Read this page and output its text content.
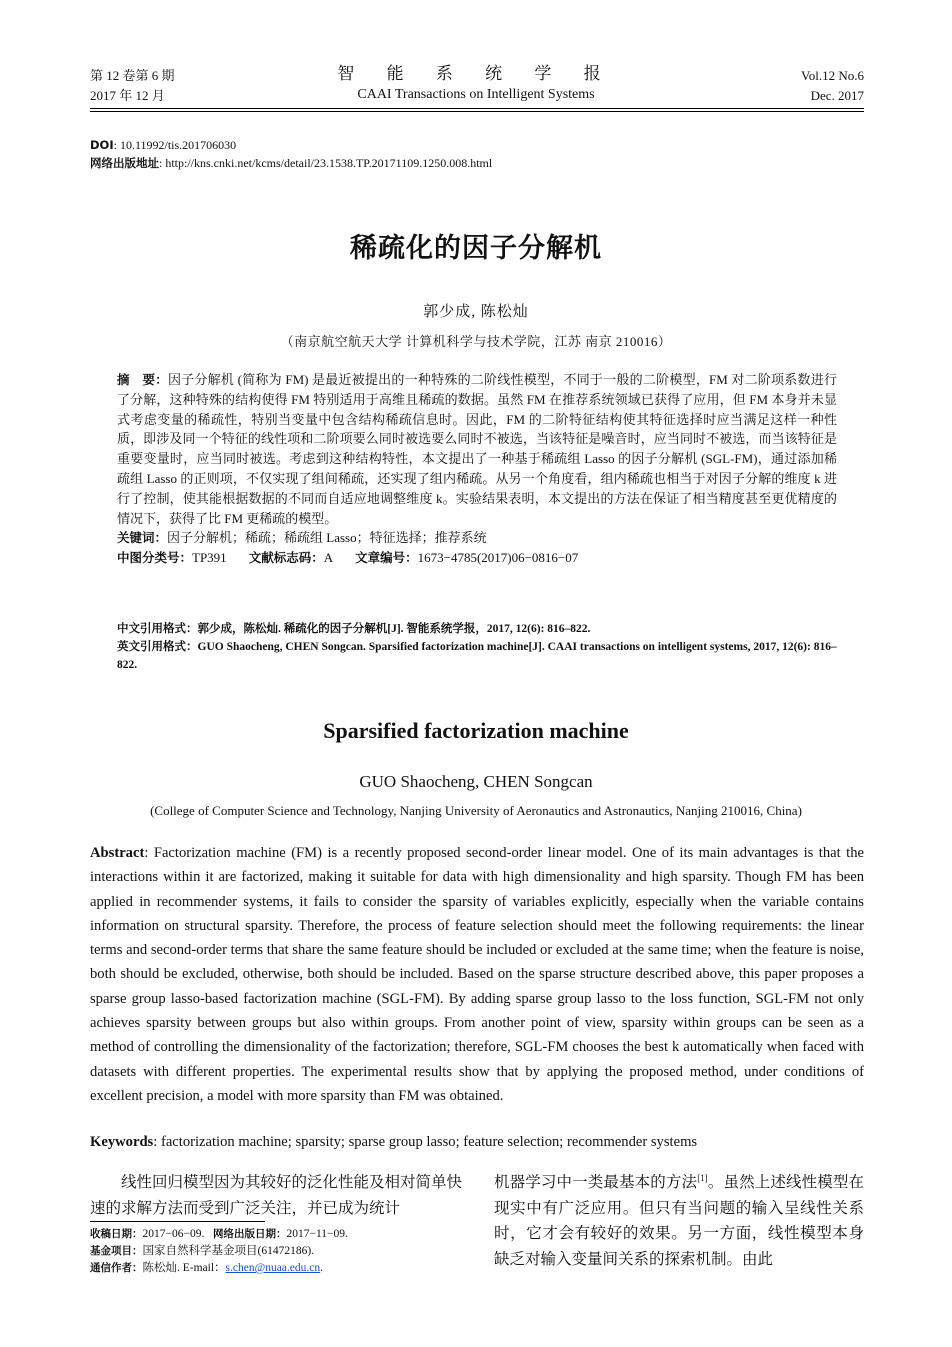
第 12 卷第 6 期
2017 年 12 月
智 能 系 统 学 报
CAAI Transactions on Intelligent Systems
Vol.12 No.6
Dec. 2017
DOI: 10.11992/tis.201706030
网络出版地址: http://kns.cnki.net/kcms/detail/23.1538.TP.20171109.1250.008.html
稀疏化的因子分解机
郭少成, 陈松灿
（南京航空航天大学 计算机科学与技术学院，江苏 南京 210016）
摘　要：因子分解机 (简称为 FM) 是最近被提出的一种特殊的二阶线性模型，不同于一般的二阶模型，FM 对二阶项系数进行了分解，这种特殊的结构使得 FM 特别适用于高维且稀疏的数据。虽然 FM 在推荐系统领域已获得了应用，但 FM 本身并未显式考虑变量的稀疏性，特别当变量中包含结构稀疏信息时。因此，FM 的二阶特征结构使其特征选择时应当满足这样一种性质，即涉及同一个特征的线性项和二阶项要么同时被选要么同时不被选，当该特征是噪音时，应当同时不被选，而当该特征是重要变量时，应当同时被选。考虑到这种结构特性，本文提出了一种基于稀疏组 Lasso 的因子分解机 (SGL-FM)，通过添加稀疏组 Lasso 的正则项，不仅实现了组间稀疏，还实现了组内稀疏。从另一个角度看，组内稀疏也相当于对因子分解的维度 k 进行了控制，使其能根据数据的不同而自适应地调整维度 k。实验结果表明，本文提出的方法在保证了相当精度甚至更优精度的情况下，获得了比 FM 更稀疏的模型。
关键词：因子分解机；稀疏；稀疏组 Lasso；特征选择；推荐系统
中图分类号：TP391 文献标志码：A 文章编号：1673−4785(2017)06−0816−07
中文引用格式：郭少成，陈松灿. 稀疏化的因子分解机[J]. 智能系统学报，2017, 12(6): 816–822.
英文引用格式：GUO Shaocheng, CHEN Songcan. Sparsified factorization machine[J]. CAAI transactions on intelligent systems, 2017, 12(6): 816–822.
Sparsified factorization machine
GUO Shaocheng, CHEN Songcan
(College of Computer Science and Technology, Nanjing University of Aeronautics and Astronautics, Nanjing 210016, China)
Abstract: Factorization machine (FM) is a recently proposed second-order linear model. One of its main advantages is that the interactions within it are factorized, making it suitable for data with high dimensionality and high sparsity. Though FM has been applied in recommender systems, it fails to consider the sparsity of variables explicitly, especially when the variable contains information on structural sparsity. Therefore, the process of feature selection should meet the following requirements: the linear terms and second-order terms that share the same feature should be included or excluded at the same time; when the feature is noise, both should be excluded, otherwise, both should be included. Based on the sparse structure described above, this paper proposes a sparse group lasso-based factorization machine (SGL-FM). By adding sparse group lasso to the loss function, SGL-FM not only achieves sparsity between groups but also within groups. From another point of view, sparsity within groups can be seen as a method of controlling the dimensionality of the factorization; therefore, SGL-FM chooses the best k automatically when faced with datasets with different properties. The experimental results show that by applying the proposed method, under conditions of excellent precision, a model with more sparsity than FM was obtained.
Keywords: factorization machine; sparsity; sparse group lasso; feature selection; recommender systems

线性回归模型因为其较好的泛化性能及相对简单快速的求解方法而受到广泛关注，并已成为统计

机器学习中一类最基本的方法[1]。虽然上述线性模型在现实中有广泛应用。但只有当问题的输入呈线性关系时，它才会有较好的效果。另一方面，线性模型本身缺乏对输入变量间关系的探索机制。由此

收稿日期：2017−06−09. 网络出版日期：2017−11−09.
基金项目：国家自然科学基金项目(61472186).
通信作者：陈松灿. E-mail：s.chen@nuaa.edu.cn.
